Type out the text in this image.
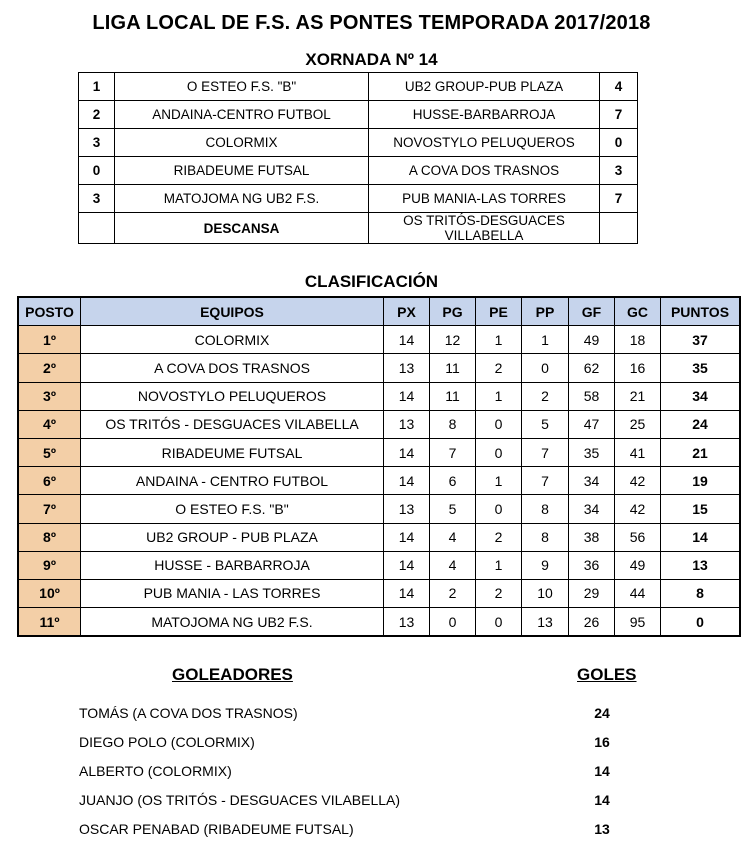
LIGA LOCAL DE F.S. AS PONTES TEMPORADA 2017/2018
XORNADA Nº 14
1	O ESTEO F.S. "B"	UB2 GROUP-PUB PLAZA	4
2	ANDAINA-CENTRO FUTBOL	HUSSE-BARBARROJA	7
3	COLORMIX	NOVOSTYLO PELUQUEROS	0
0	RIBADEUME FUTSAL	A COVA DOS TRASNOS	3
3	MATOJOMA NG UB2 F.S.	PUB MANIA-LAS TORRES	7
	DESCANSA	OS TRITÓS-DESGUACES VILLABELLA	
CLASIFICACIÓN
POSTO	EQUIPOS	PX	PG	PE	PP	GF	GC	PUNTOS
1º	COLORMIX	14	12	1	1	49	18	37
2º	A COVA DOS TRASNOS	13	11	2	0	62	16	35
3º	NOVOSTYLO PELUQUEROS	14	11	1	2	58	21	34
4º	OS TRITÓS - DESGUACES VILABELLA	13	8	0	5	47	25	24
5º	RIBADEUME FUTSAL	14	7	0	7	35	41	21
6º	ANDAINA - CENTRO FUTBOL	14	6	1	7	34	42	19
7º	O ESTEO F.S. "B"	13	5	0	8	34	42	15
8º	UB2 GROUP - PUB PLAZA	14	4	2	8	38	56	14
9º	HUSSE - BARBARROJA	14	4	1	9	36	49	13
10º	PUB MANIA - LAS TORRES	14	2	2	10	29	44	8
11º	MATOJOMA NG UB2 F.S.	13	0	0	13	26	95	0
GOLEADORES	GOLES
TOMÁS (A COVA DOS TRASNOS)	24
DIEGO POLO (COLORMIX)	16
ALBERTO (COLORMIX)	14
JUANJO (OS TRITÓS - DESGUACES VILABELLA)	14
OSCAR PENABAD (RIBADEUME FUTSAL)	13
